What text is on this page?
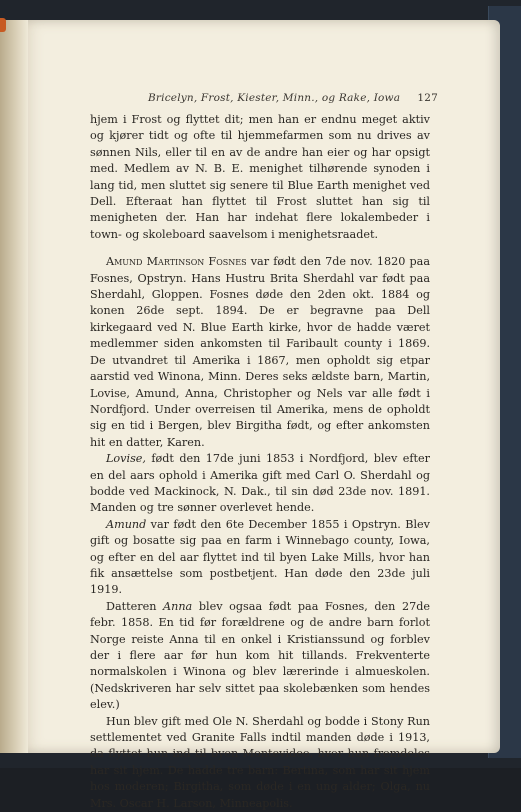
Bricelyn, Frost, Kiester, Minn., og Rake, Iowa 127

hjem i Frost og flyttet dit; men han er endnu meget aktiv og kjører tidt og ofte til hjemmefarmen som nu drives av sønnen Nils, eller til en av de andre han eier og har opsigt med. Medlem av N. B. E. menighet tilhørende synoden i lang tid, men sluttet sig senere til Blue Earth menighet ved Dell. Efteraat han flyttet til Frost sluttet han sig til menigheten der. Han har indehat flere lokalembeder i town- og skoleboard saavelsom i menighetsraadet.

Amund Martinson Fosnes var født den 7de nov. 1820 paa Fosnes, Opstryn. Hans Hustru Brita Sherdahl var født paa Sherdahl, Gloppen. Fosnes døde den 2den okt. 1884 og konen 26de sept. 1894. De er begravne paa Dell kirkegaard ved N. Blue Earth kirke, hvor de hadde været medlemmer siden ankomsten til Faribault county i 1869. De utvandret til Amerika i 1867, men opholdt sig etpar aarstid ved Winona, Minn. Deres seks ældste barn, Martin, Lovise, Amund, Anna, Christopher og Nels var alle født i Nordfjord. Under overreisen til Amerika, mens de opholdt sig en tid i Bergen, blev Birgitha født, og efter ankomsten hit en datter, Karen.

Lovise, født den 17de juni 1853 i Nordfjord, blev efter en del aars ophold i Amerika gift med Carl O. Sherdahl og bodde ved Mackinock, N. Dak., til sin død 23de nov. 1891. Manden og tre sønner overlevet hende.

Amund var født den 6te December 1855 i Opstryn. Blev gift og bosatte sig paa en farm i Winnebago county, Iowa, og efter en del aar flyttet ind til byen Lake Mills, hvor han fik ansættelse som postbetjent. Han døde den 23de juli 1919.

Datteren Anna blev ogsaa født paa Fosnes, den 27de febr. 1858. En tid før forældrene og de andre barn forlot Norge reiste Anna til en onkel i Kristianssund og forblev der i flere aar før hun kom hit tillands. Frekventerte normalskolen i Winona og blev lærerinde i almueskolen. (Nedskriveren har selv sittet paa skolebænken som hendes elev.)

Hun blev gift med Ole N. Sherdahl og bodde i Stony Run settlementet ved Granite Falls indtil manden døde i 1913, da flyttet hun ind til byen Montevideo, hvor hun fremdeles har sit hjem. De hadde tre barn: Bertina, som har sit hjem hos moderen; Birgitha, som døde i en ung alder; Olga, nu Mrs. Oscar H. Larson, Minneapolis.
